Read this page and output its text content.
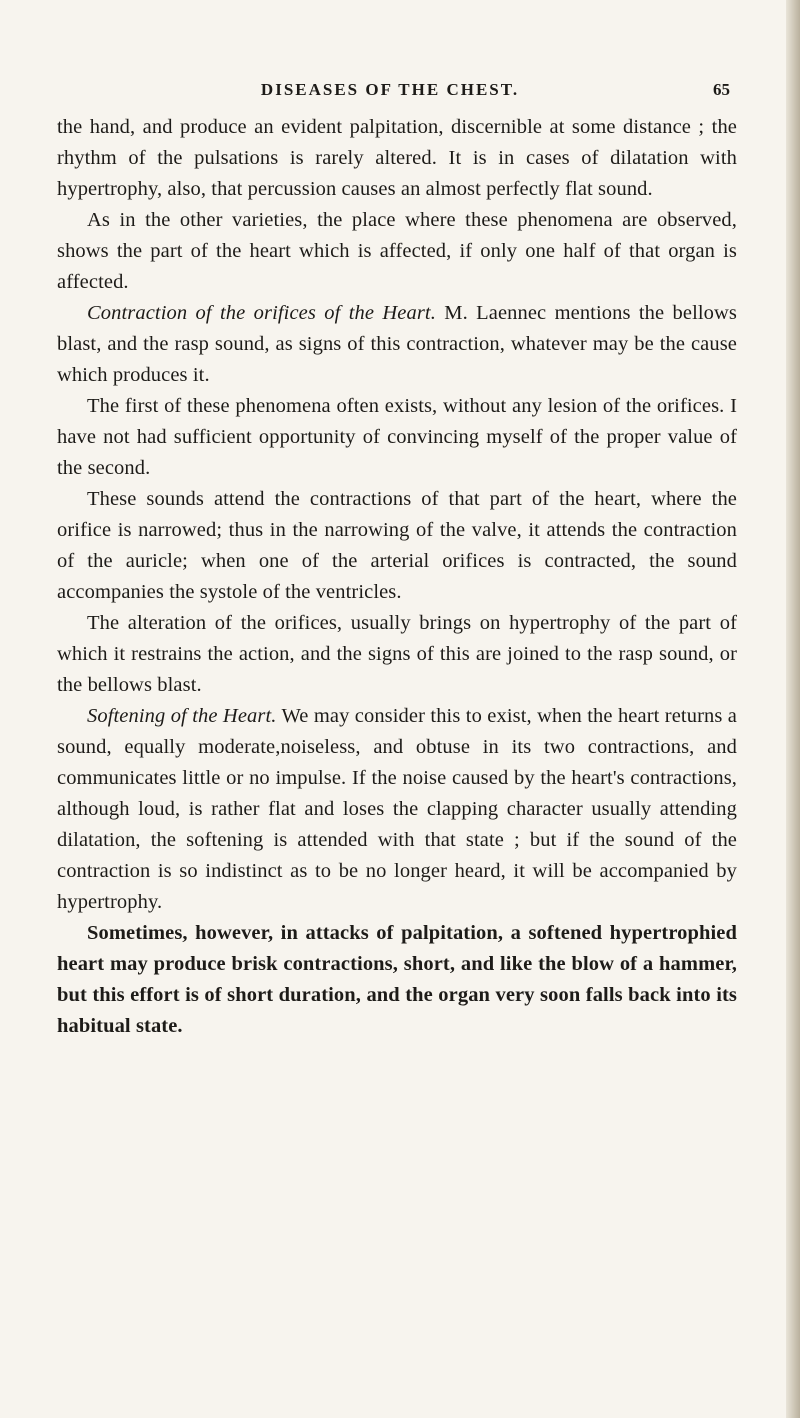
DISEASES OF THE CHEST.	65

the hand, and produce an evident palpitation, discernible at some distance ; the rhythm of the pulsations is rarely altered. It is in cases of dilatation with hypertrophy, also, that percussion causes an almost perfectly flat sound.

As in the other varieties, the place where these phenomena are observed, shows the part of the heart which is affected, if only one half of that organ is affected.

Contraction of the orifices of the Heart. M. Laennec mentions the bellows blast, and the rasp sound, as signs of this contraction, whatever may be the cause which produces it.

The first of these phenomena often exists, without any lesion of the orifices. I have not had sufficient opportunity of convincing myself of the proper value of the second.

These sounds attend the contractions of that part of the heart, where the orifice is narrowed; thus in the narrowing of the valve, it attends the contraction of the auricle; when one of the arterial orifices is contracted, the sound accompanies the systole of the ventricles.

The alteration of the orifices, usually brings on hypertrophy of the part of which it restrains the action, and the signs of this are joined to the rasp sound, or the bellows blast.

Softening of the Heart. We may consider this to exist, when the heart returns a sound, equally moderate,noiseless, and obtuse in its two contractions, and communicates little or no impulse. If the noise caused by the heart's contractions, although loud, is rather flat and loses the clapping character usually attending dilatation, the softening is attended with that state ; but if the sound of the contraction is so indistinct as to be no longer heard, it will be accompanied by hypertrophy.

Sometimes, however, in attacks of palpitation, a softened hypertrophied heart may produce brisk contractions, short, and like the blow of a hammer, but this effort is of short duration, and the organ very soon falls back into its habitual state.
